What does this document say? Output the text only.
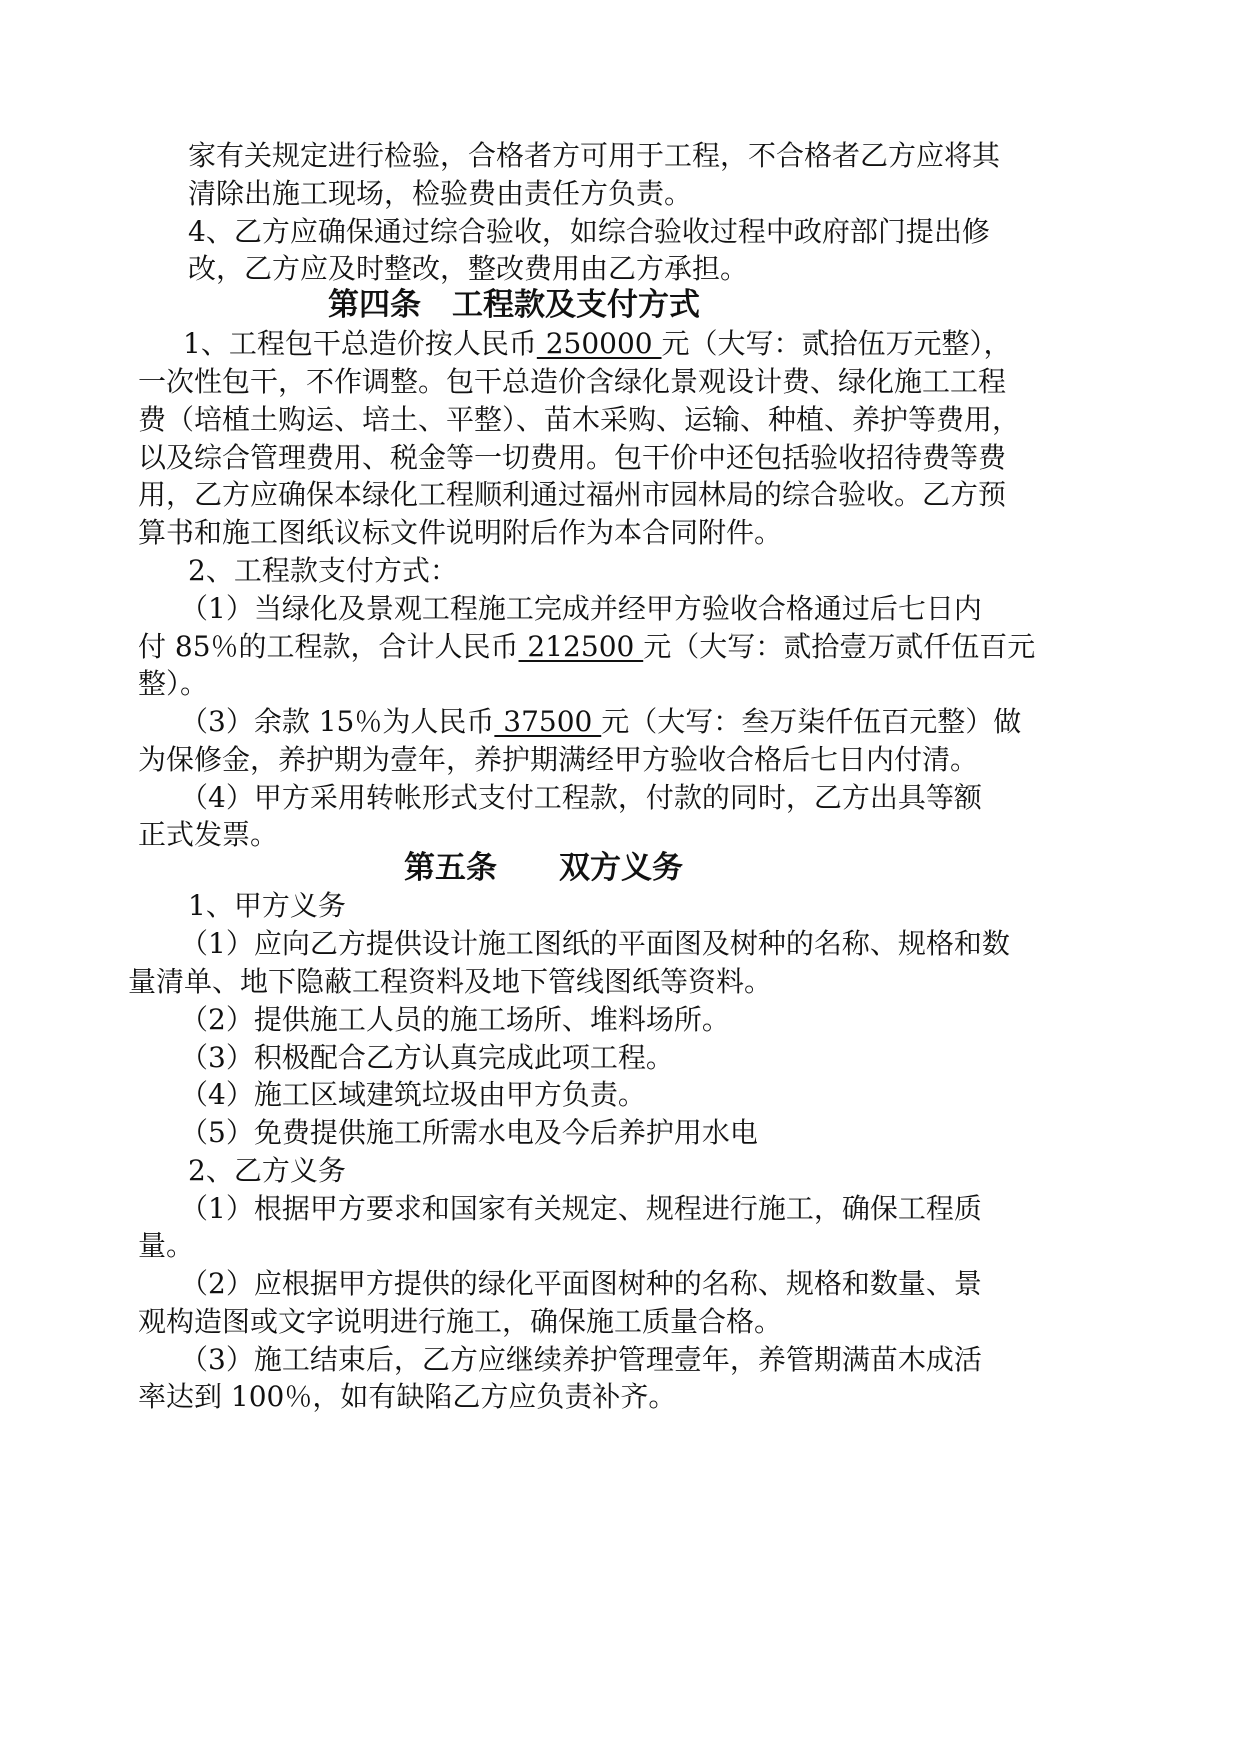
家有关规定进行检验，合格者方可用于工程，不合格者乙方应将其
清除出施工现场，检验费由责任方负责。
4、乙方应确保通过综合验收，如综合验收过程中政府部门提出修
改，乙方应及时整改，整改费用由乙方承担。
第四条　工程款及支付方式
1、工程包干总造价按人民币 250000 元（大写：贰拾伍万元整），
一次性包干，不作调整。包干总造价含绿化景观设计费、绿化施工工程
费（培植土购运、培土、平整）、苗木采购、运输、种植、养护等费用，
以及综合管理费用、税金等一切费用。包干价中还包括验收招待费等费
用，乙方应确保本绿化工程顺利通过福州市园林局的综合验收。乙方预
算书和施工图纸议标文件说明附后作为本合同附件。
2、工程款支付方式：
（1）当绿化及景观工程施工完成并经甲方验收合格通过后七日内
付 85％的工程款，合计人民币 212500 元（大写：贰拾壹万贰仟伍百元
整）。
（3）余款 15％为人民币 37500 元（大写：叁万柒仟伍百元整）做
为保修金，养护期为壹年，养护期满经甲方验收合格后七日内付清。
（4）甲方采用转帐形式支付工程款，付款的同时，乙方出具等额
正式发票。
第五条　　双方义务
1、甲方义务
（1）应向乙方提供设计施工图纸的平面图及树种的名称、规格和数
量清单、地下隐蔽工程资料及地下管线图纸等资料。
（2）提供施工人员的施工场所、堆料场所。
（3）积极配合乙方认真完成此项工程。
（4）施工区域建筑垃圾由甲方负责。
（5）免费提供施工所需水电及今后养护用水电
2、乙方义务
（1）根据甲方要求和国家有关规定、规程进行施工，确保工程质
量。
（2）应根据甲方提供的绿化平面图树种的名称、规格和数量、景
观构造图或文字说明进行施工，确保施工质量合格。
（3）施工结束后，乙方应继续养护管理壹年，养管期满苗木成活
率达到 100％，如有缺陷乙方应负责补齐。
